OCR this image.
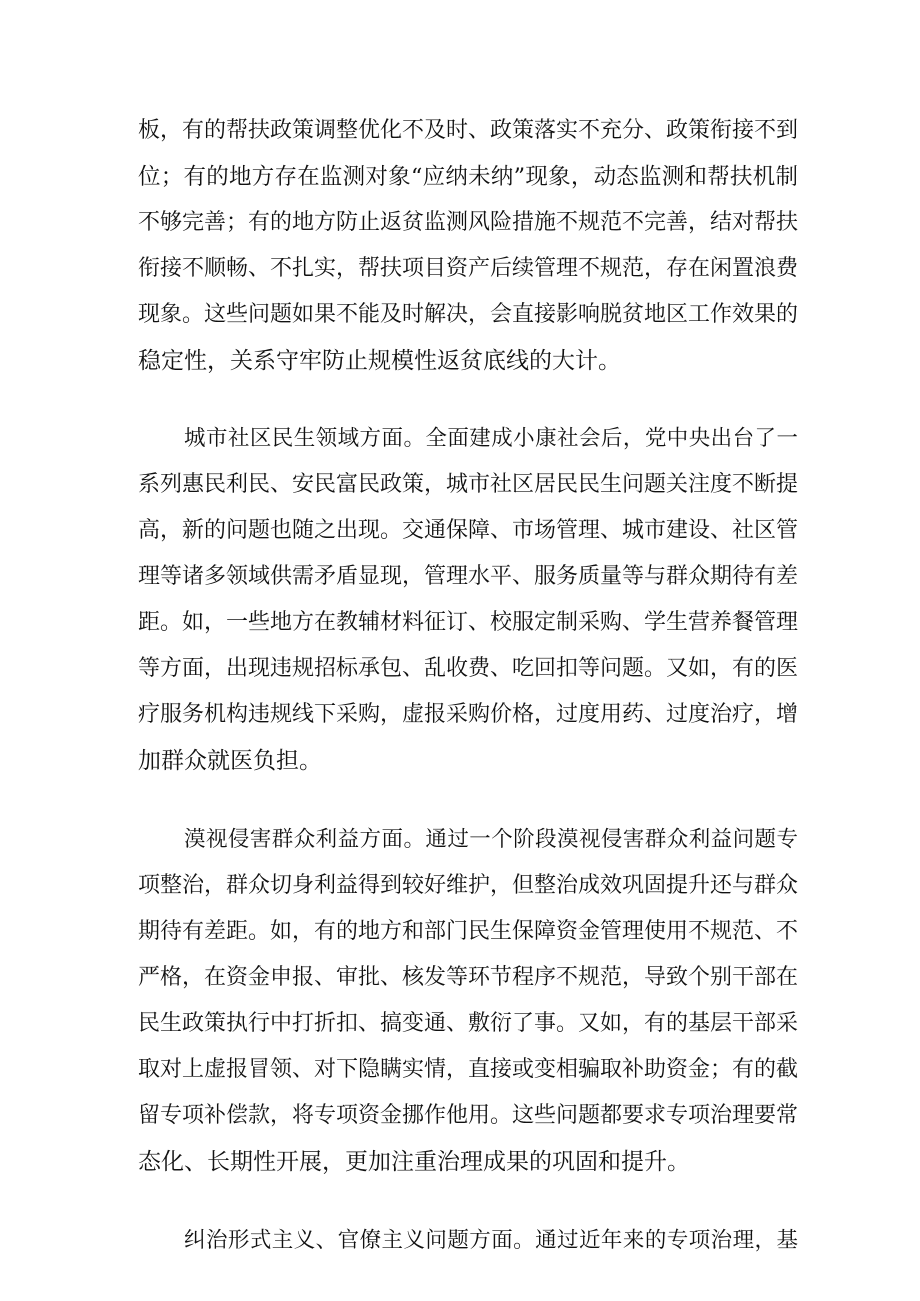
板，有的帮扶政策调整优化不及时、政策落实不充分、政策衔接不到
位；有的地方存在监测对象“应纳未纳”现象，动态监测和帮扶机制
不够完善；有的地方防止返贫监测风险措施不规范不完善，结对帮扶
衔接不顺畅、不扎实，帮扶项目资产后续管理不规范，存在闲置浪费
现象。这些问题如果不能及时解决，会直接影响脱贫地区工作效果的
稳定性，关系守牢防止规模性返贫底线的大计。
城市社区民生领域方面。全面建成小康社会后，党中央出台了一
系列惠民利民、安民富民政策，城市社区居民民生问题关注度不断提
高，新的问题也随之出现。交通保障、市场管理、城市建设、社区管
理等诸多领域供需矛盾显现，管理水平、服务质量等与群众期待有差
距。如，一些地方在教辅材料征订、校服定制采购、学生营养餐管理
等方面，出现违规招标承包、乱收费、吃回扣等问题。又如，有的医
疗服务机构违规线下采购，虚报采购价格，过度用药、过度治疗，增
加群众就医负担。
漠视侵害群众利益方面。通过一个阶段漠视侵害群众利益问题专
项整治，群众切身利益得到较好维护，但整治成效巩固提升还与群众
期待有差距。如，有的地方和部门民生保障资金管理使用不规范、不
严格，在资金申报、审批、核发等环节程序不规范，导致个别干部在
民生政策执行中打折扣、搞变通、敷衍了事。又如，有的基层干部采
取对上虚报冒领、对下隐瞒实情，直接或变相骗取补助资金；有的截
留专项补偿款，将专项资金挪作他用。这些问题都要求专项治理要常
态化、长期性开展，更加注重治理成果的巩固和提升。
纠治形式主义、官僚主义问题方面。通过近年来的专项治理，基
